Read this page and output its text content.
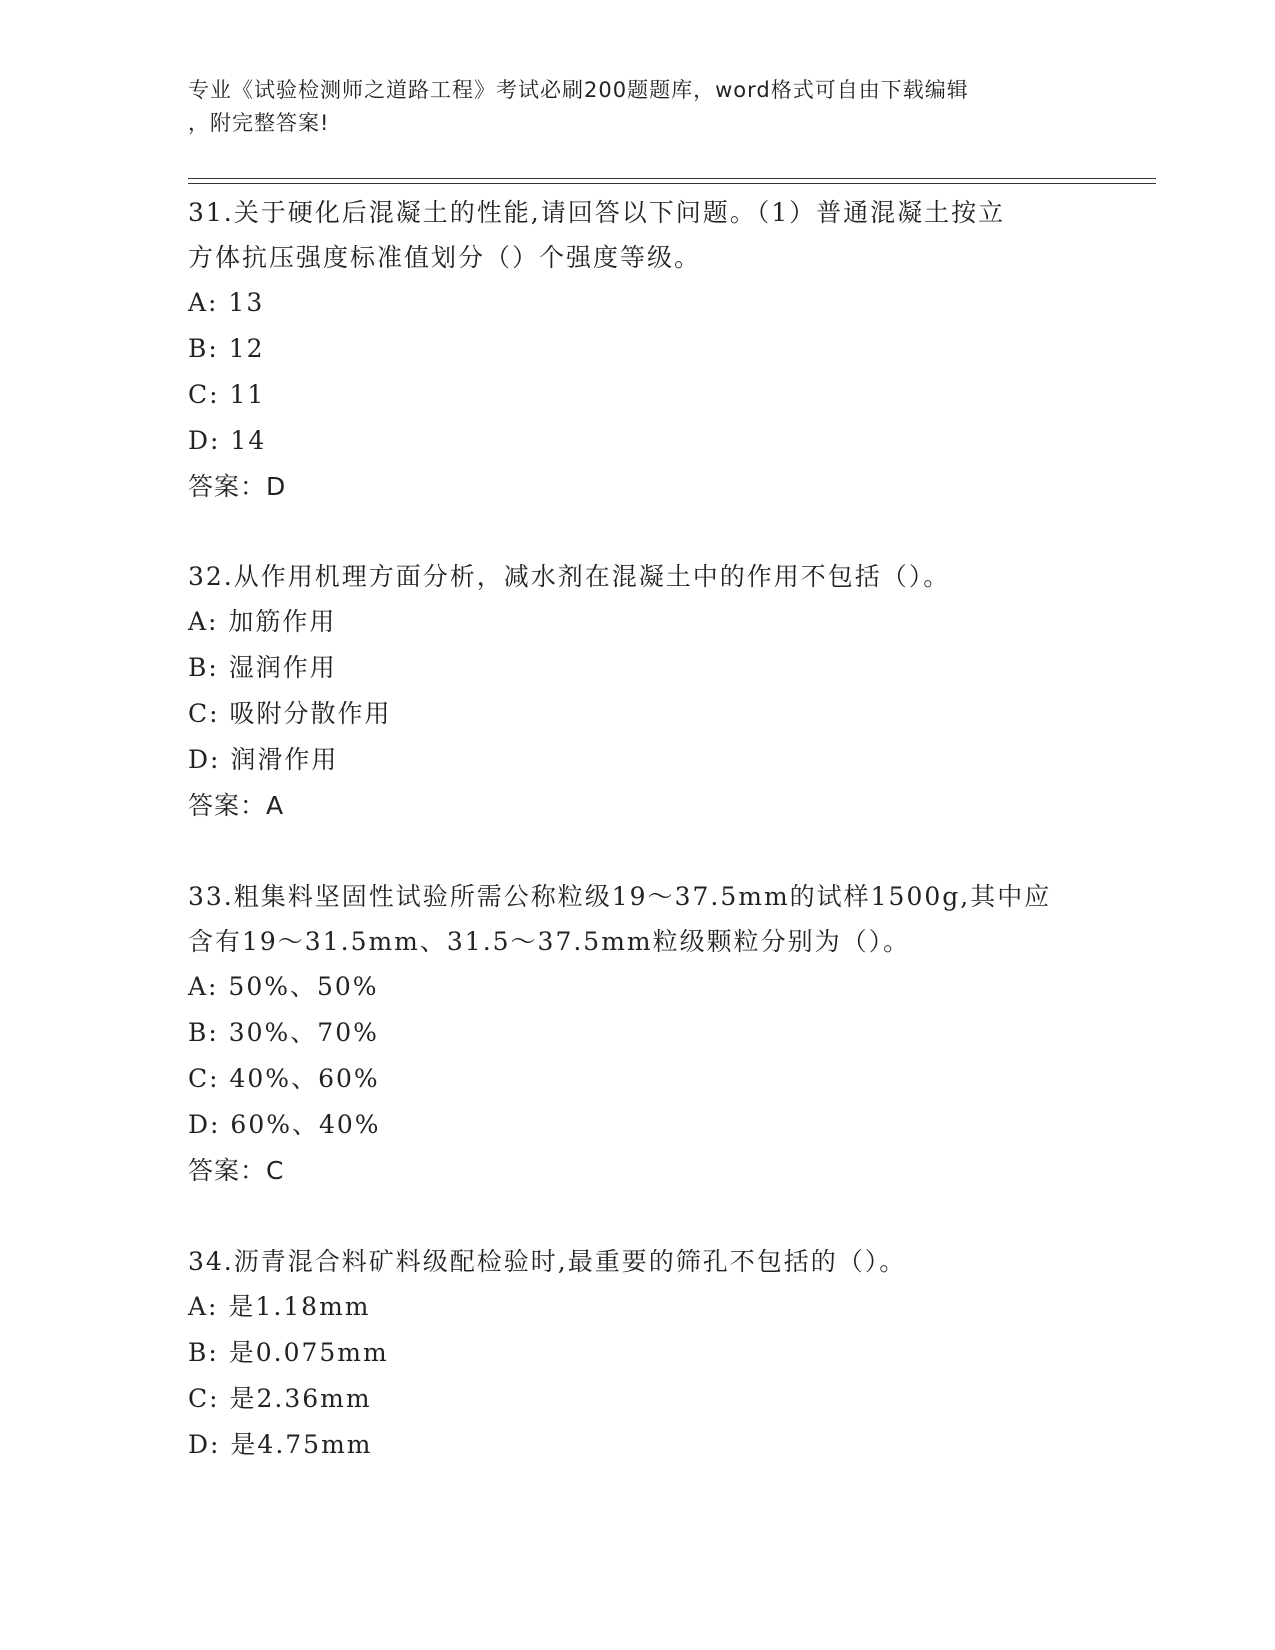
专业《试验检测师之道路工程》考试必刷200题题库，word格式可自由下载编辑
，附完整答案!

31.关于硬化后混凝土的性能,请回答以下问题。（1）普通混凝土按立

方体抗压强度标准值划分（）个强度等级。

A: 13

B: 12

C: 11

D: 14

答案：D

32.从作用机理方面分析，减水剂在混凝土中的作用不包括（）。

A: 加筋作用

B: 湿润作用

C: 吸附分散作用

D: 润滑作用

答案：A

33.粗集料坚固性试验所需公称粒级19～37.5mm的试样1500g,其中应

含有19～31.5mm、31.5～37.5mm粒级颗粒分别为（）。

A: 50%、50%

B: 30%、70%

C: 40%、60%

D: 60%、40%

答案：C

34.沥青混合料矿料级配检验时,最重要的筛孔不包括的（）。

A: 是1.18mm

B: 是0.075mm

C: 是2.36mm

D: 是4.75mm
